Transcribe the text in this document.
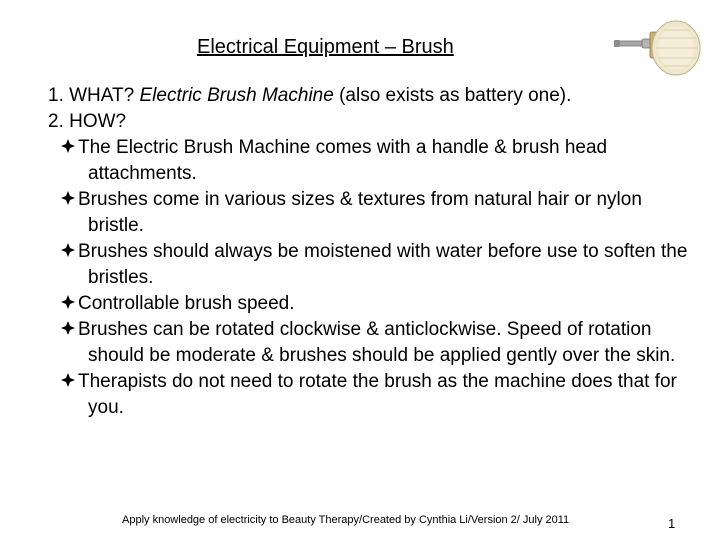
Electrical Equipment – Brush
1. WHAT? Electric Brush Machine (also exists as battery one).
2. HOW?
The Electric Brush Machine comes with a handle & brush head attachments.
Brushes come in various sizes & textures from natural hair or nylon bristle.
Brushes should always be moistened with water before use to soften the bristles.
Controllable brush speed.
Brushes can be rotated clockwise & anticlockwise. Speed of rotation should be moderate & brushes should be applied gently over the skin.
Therapists do not need to rotate the brush as the machine does that for you.
Apply knowledge of electricity to Beauty Therapy/Created by Cynthia Li/Version 2/ July 2011	1
